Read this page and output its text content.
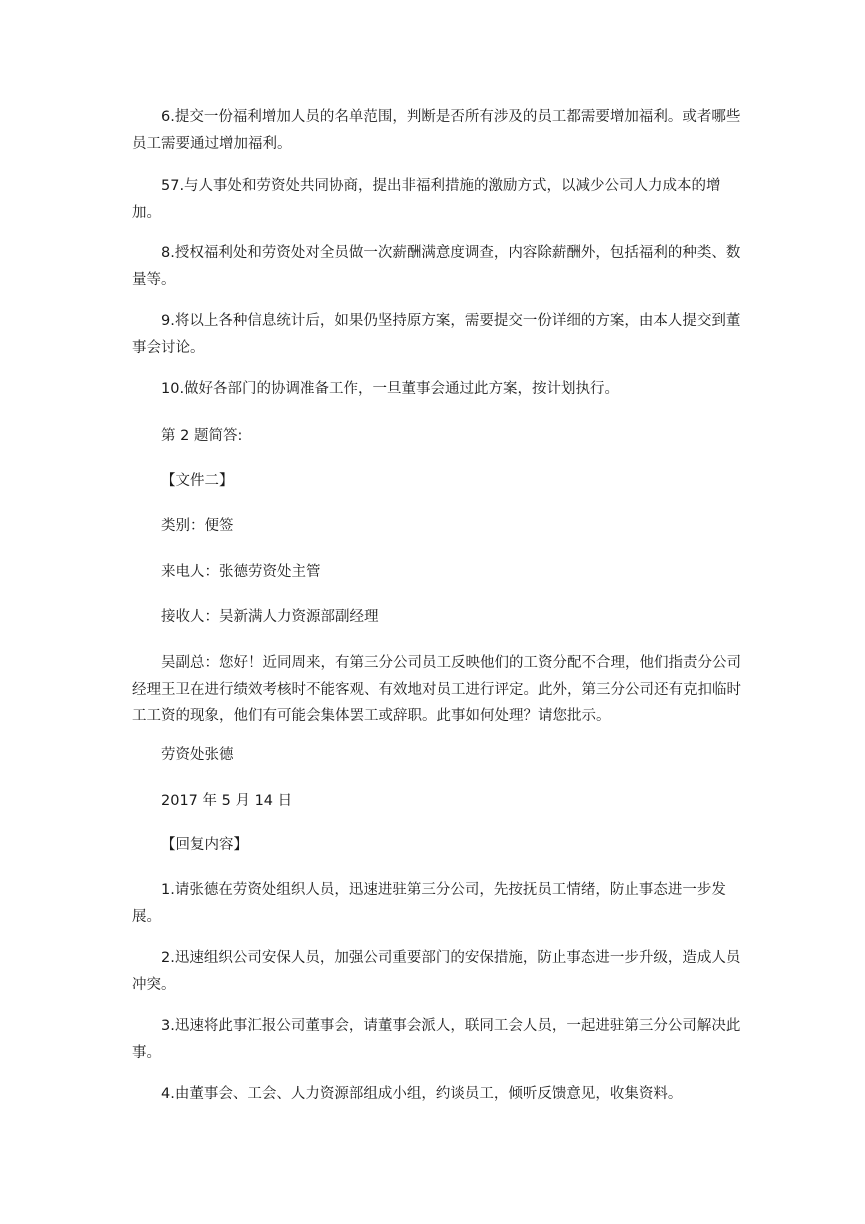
6.提交一份福利增加人员的名单范围，判断是否所有涉及的员工都需要增加福利。或者哪些员工需要通过增加福利。

57.与人事处和劳资处共同协商，提出非福利措施的激励方式，以减少公司人力成本的增加。

8.授权福利处和劳资处对全员做一次薪酬满意度调查，内容除薪酬外，包括福利的种类、数量等。

9.将以上各种信息统计后，如果仍坚持原方案，需要提交一份详细的方案，由本人提交到董事会讨论。

10.做好各部门的协调准备工作，一旦董事会通过此方案，按计划执行。

第 2 题简答:

【文件二】

类别：便签

来电人：张德劳资处主管

接收人：吴新满人力资源部副经理

吴副总：您好！近同周来，有第三分公司员工反映他们的工资分配不合理，他们指责分公司经理王卫在进行绩效考核时不能客观、有效地对员工进行评定。此外，第三分公司还有克扣临时工工资的现象，他们有可能会集体罢工或辞职。此事如何处理？请您批示。

劳资处张德

2017 年 5 月 14 日

【回复内容】

1.请张德在劳资处组织人员，迅速进驻第三分公司，先按抚员工情绪，防止事态进一步发展。

2.迅速组织公司安保人员，加强公司重要部门的安保措施，防止事态进一步升级，造成人员冲突。

3.迅速将此事汇报公司董事会，请董事会派人，联同工会人员，一起进驻第三分公司解决此事。

4.由董事会、工会、人力资源部组成小组，约谈员工，倾听反馈意见，收集资料。
